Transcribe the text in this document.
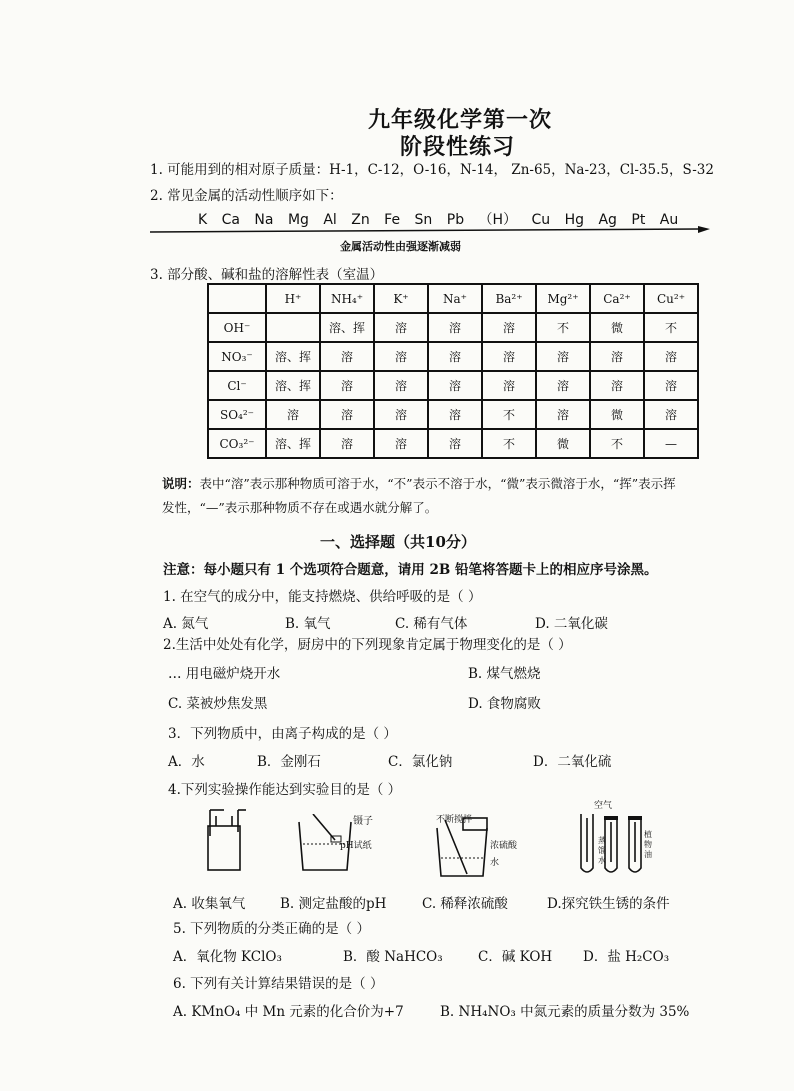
九年级化学第一次
阶段性练习
1. 可能用到的相对原子质量：H-1，C-12，O-16，N-14， Zn-65，Na-23，Cl-35.5，S-32
2. 常见金属的活动性顺序如下：
K Ca Na Mg Al Zn Fe Sn Pb （H） Cu Hg Ag Pt Au
金属活动性由强逐渐减弱
3. 部分酸、碱和盐的溶解性表（室温）
	H⁺	NH₄⁺	K⁺	Na⁺	Ba²⁺	Mg²⁺	Ca²⁺	Cu²⁺
OH⁻		溶、挥	溶	溶	溶	不	微	不
NO₃⁻	溶、挥	溶	溶	溶	溶	溶	溶	溶
Cl⁻	溶、挥	溶	溶	溶	溶	溶	溶	溶
SO₄²⁻	溶	溶	溶	溶	不	溶	微	溶
CO₃²⁻	溶、挥	溶	溶	溶	不	微	不	—
说明：表中“溶”表示那种物质可溶于水，“不”表示不溶于水，“微”表示微溶于水，“挥”表示挥
发性，“—”表示那种物质不存在或遇水就分解了。
一、选择题（共10分）
注意：每小题只有 1 个选项符合题意，请用 2B 铅笔将答题卡上的相应序号涂黑。
1. 在空气的成分中，能支持燃烧、供给呼吸的是（ ）
A. 氮气	B. 氧气	C. 稀有气体	D. 二氧化碳
2.生活中处处有化学，厨房中的下列现象肯定属于物理变化的是（ ）
… 用电磁炉烧开水	B. 煤气燃烧
C. 菜被炒焦发黑	D. 食物腐败
3．下列物质中，由离子构成的是（ ）
A．水	B．金刚石	C．氯化钠	D．二氧化硫
4.下列实验操作能达到实验目的是（ ）
镊子
pH试纸
不断搅拌
浓硫酸
水
空气
蒸馏水
植物油
A. 收集氧气	B. 测定盐酸的pH	C. 稀释浓硫酸	D.探究铁生锈的条件
5. 下列物质的分类正确的是（ ）
A．氧化物 KClO₃	B．酸 NaHCO₃	C．碱 KOH D．盐 H₂CO₃
6. 下列有关计算结果错误的是（ ）
A. KMnO₄ 中 Mn 元素的化合价为+7	B. NH₄NO₃ 中氮元素的质量分数为 35%
